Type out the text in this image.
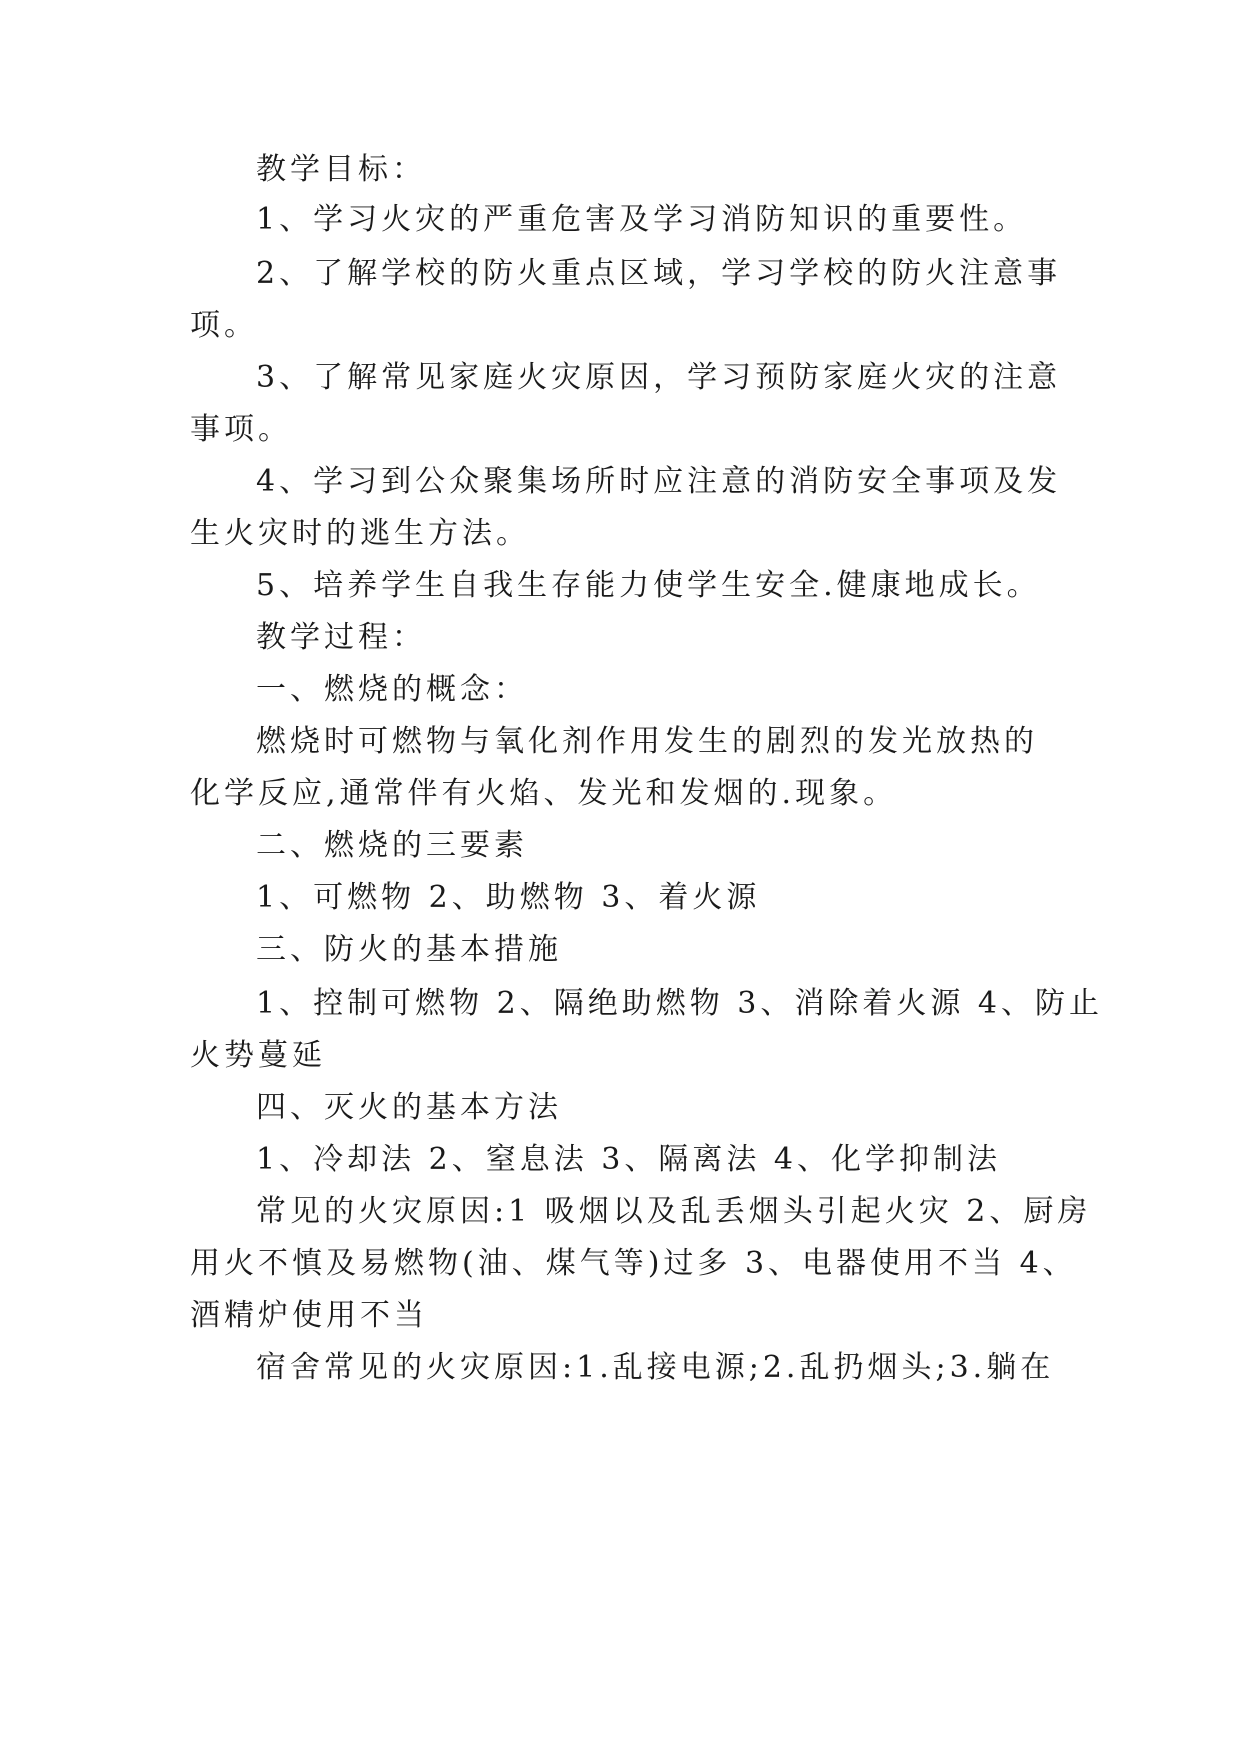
教学目标：
1、学习火灾的严重危害及学习消防知识的重要性。
2、了解学校的防火重点区域，学习学校的防火注意事
项。
3、了解常见家庭火灾原因，学习预防家庭火灾的注意
事项。
4、学习到公众聚集场所时应注意的消防安全事项及发
生火灾时的逃生方法。
5、培养学生自我生存能力使学生安全.健康地成长。
教学过程：
一、燃烧的概念：
燃烧时可燃物与氧化剂作用发生的剧烈的发光放热的
化学反应,通常伴有火焰、发光和发烟的.现象。
二、燃烧的三要素
1、可燃物 2、助燃物 3、着火源
三、防火的基本措施
1、控制可燃物 2、隔绝助燃物 3、消除着火源 4、防止
火势蔓延
四、灭火的基本方法
1、冷却法 2、窒息法 3、隔离法 4、化学抑制法
常见的火灾原因:1 吸烟以及乱丢烟头引起火灾 2、厨房
用火不慎及易燃物(油、煤气等)过多 3、电器使用不当 4、
酒精炉使用不当
宿舍常见的火灾原因:1.乱接电源;2.乱扔烟头;3.躺在
